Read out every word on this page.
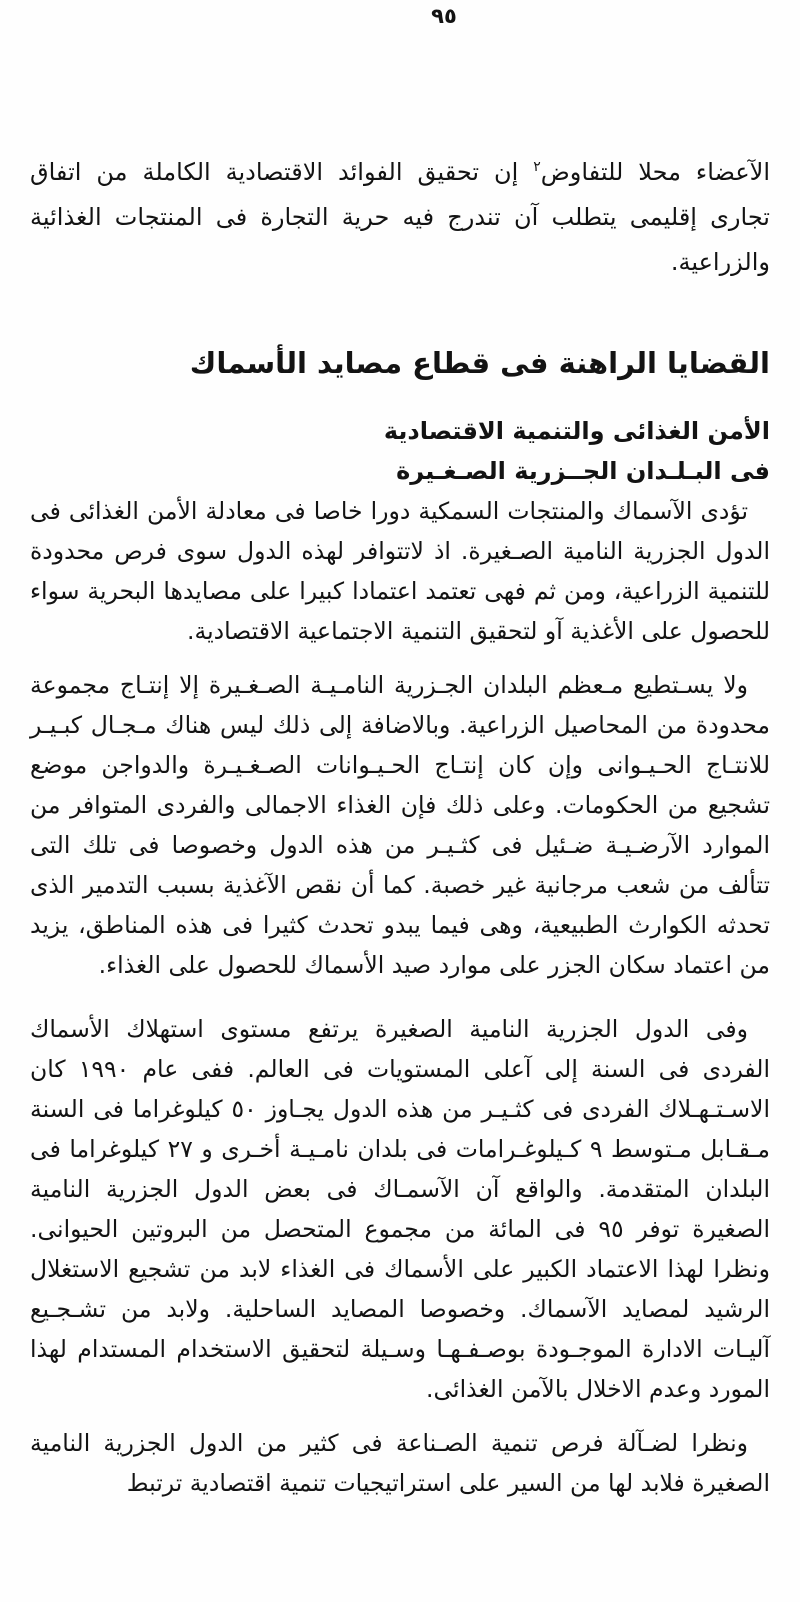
٩٥

الآعضاء محلا للتفاوض$^٢$ إن تحقيق الفوائد الاقتصادية الكاملة من اتفاق تجارى إقليمى يتطلب آن تندرج فيه حرية التجارة فى المنتجات الغذائية والزراعية.

القضايا الراهنة فى قطاع مصايد الأسماك
الأمن الغذائى والتنمية الاقتصادية
فى البـلـدان الجــزرية الصـغـيرة

تؤدى الآسماك والمنتجات السمكية دورا خاصا فى معادلة الأمن الغذائى فى الدول الجزرية النامية الصـغيرة. اذ لاتتوافر لهذه الدول سوى فرص محدودة للتنمية الزراعية، ومن ثم فهى تعتمد اعتمادا كبيرا على مصايدها البحرية سواء للحصول على الأغذية آو لتحقيق التنمية الاجتماعية الاقتصادية.

ولا يسـتطيع مـعظم البلدان الجـزرية النامـيـة الصـغـيرة إلا إنتـاج مجموعة محدودة من المحاصيل الزراعية. وبالاضافة إلى ذلك ليس هناك مـجـال كبـيـر للانتـاج الحـيـوانى وإن كان إنتـاج الحـيـوانات الصـغـيـرة والدواجن موضع تشجيع من الحكومات. وعلى ذلك فإن الغذاء الاجمالى والفردى المتوافر من الموارد الآرضـيـة ضـئيل فى كثـيـر من هذه الدول وخصوصا فى تلك التى تتألف من شعب مرجانية غير خصبة. كما أن نقص الآغذية بسبب التدمير الذى تحدثه الكوارث الطبيعية، وهى فيما يبدو تحدث كثيرا فى هذه المناطق، يزيد من اعتماد سكان الجزر على موارد صيد الأسماك للحصول على الغذاء.

وفى الدول الجزرية النامية الصغيرة يرتفع مستوى استهلاك الأسماك الفردى فى السنة إلى آعلى المستويات فى العالم. ففى عام ١٩٩٠ كان الاسـتـهـلاك الفردى فى كثـيـر من هذه الدول يجـاوز ٥٠ كيلوغراما فى السنة مـقـابل مـتوسط ٩ كـيلوغـرامات فى بلدان نامـيـة أخـرى و ٢٧ كيلوغراما فى البلدان المتقدمة. والواقع آن الآسمـاك فى بعض الدول الجزرية النامية الصغيرة توفر ٩٥ فى المائة من مجموع المتحصل من البروتين الحيوانى. ونظرا لهذا الاعتماد الكبير على الأسماك فى الغذاء لابد من تشجيع الاستغلال الرشيد لمصايد الآسماك. وخصوصا المصايد الساحلية. ولابد من تشـجـيع آليـات الادارة الموجـودة بوصـفـهـا وسـيلة لتحقيق الاستخدام المستدام لهذا المورد وعدم الاخلال بالآمن الغذائى.

ونظرا لضـآلة فرص تنمية الصـناعة فى كثير من الدول الجزرية النامية الصغيرة فلابد لها من السير على استراتيجيات تنمية اقتصادية ترتبط
